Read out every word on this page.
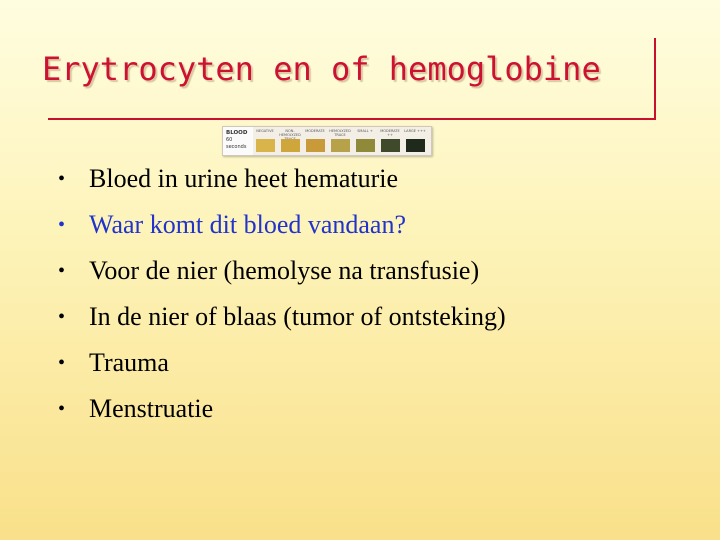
Erytrocyten en of hemoglobine
BLOOD
60 seconds
NEGATIVE	NON-HEMOLYZED
MODERATE	HEMOLYZED TRACE
SMALL +	MODERATE ++
LARGE +++
• Bloed in urine heet hematurie
• Waar komt dit bloed vandaan?
• Voor de nier (hemolyse na transfusie)
• In de nier of blaas (tumor of ontsteking)
• Trauma
• Menstruatie
